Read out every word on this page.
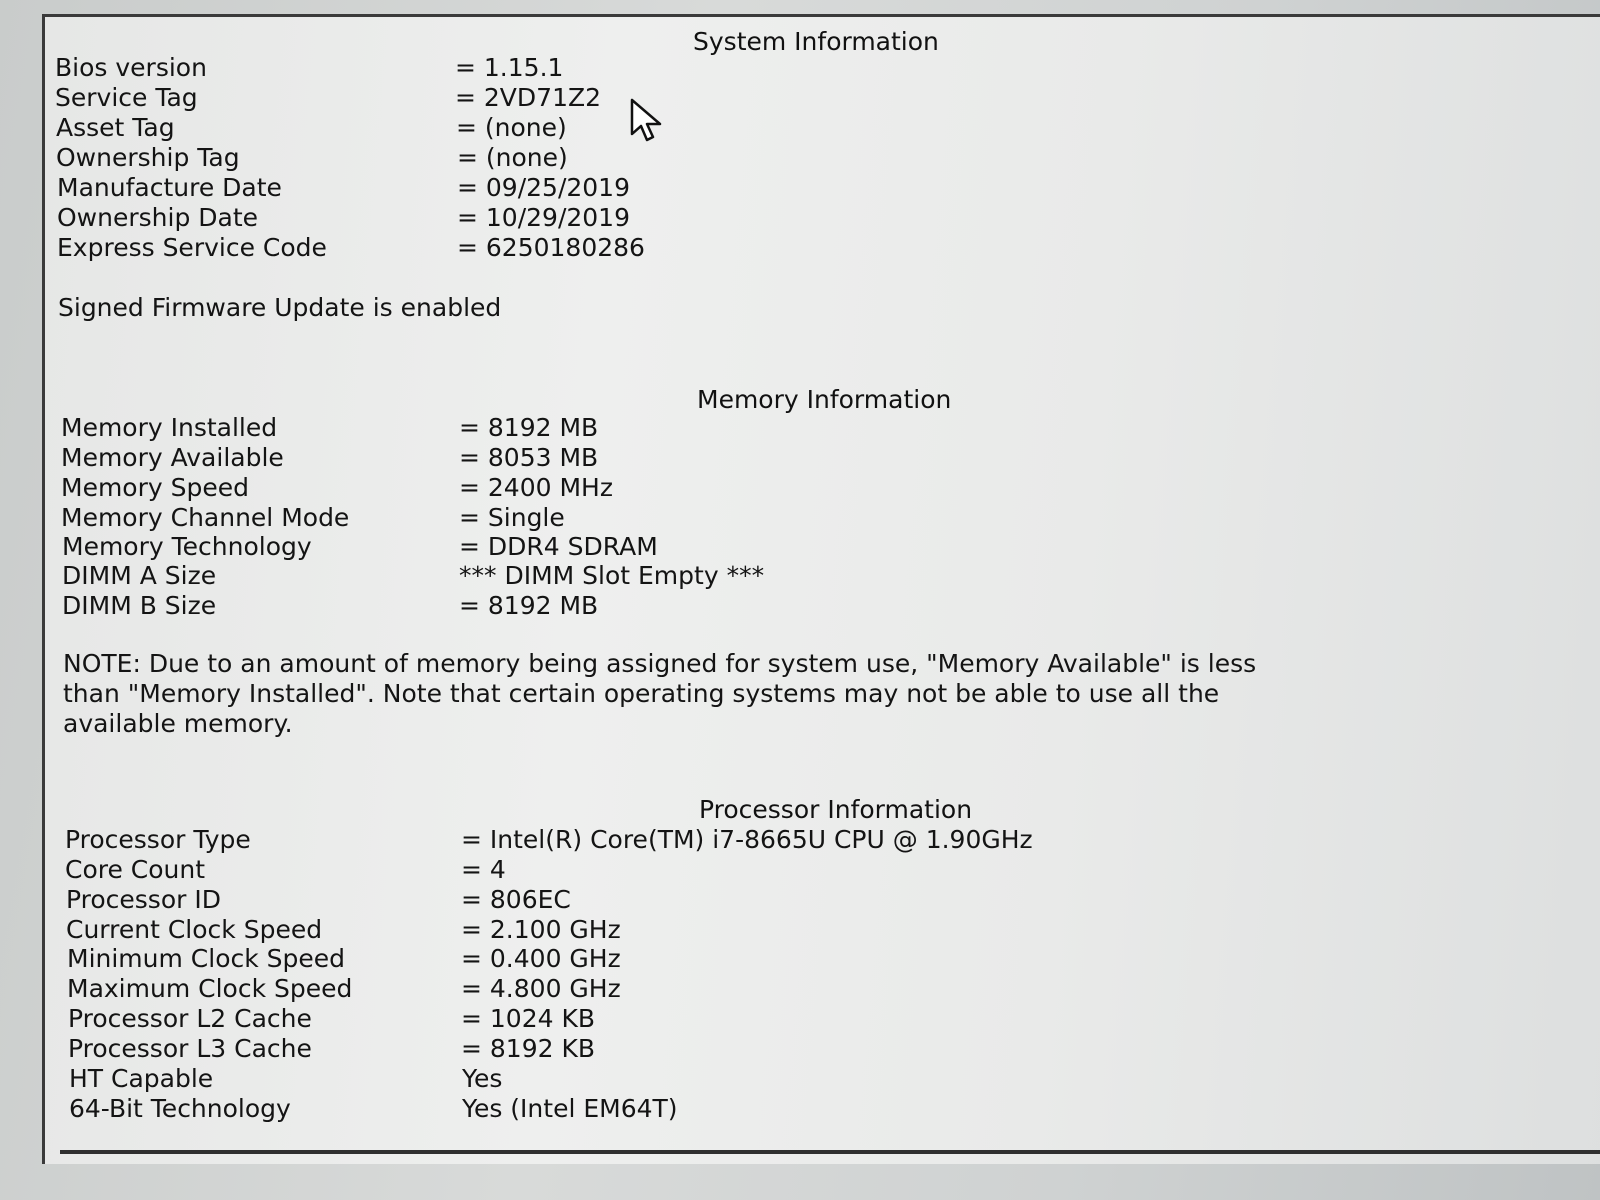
System Information
Bios version	= 1.15.1
Service Tag	= 2VD71Z2
Asset Tag	= (none)
Ownership Tag	= (none)
Manufacture Date	= 09/25/2019
Ownership Date	= 10/29/2019
Express Service Code	= 6250180286
Signed Firmware Update is enabled
Memory Information
Memory Installed	= 8192 MB
Memory Available	= 8053 MB
Memory Speed	= 2400 MHz
Memory Channel Mode	= Single
Memory Technology	= DDR4 SDRAM
DIMM A Size	*** DIMM Slot Empty ***
DIMM B Size	= 8192 MB
NOTE: Due to an amount of memory being assigned for system use, "Memory Available" is less
than "Memory Installed". Note that certain operating systems may not be able to use all the
available memory.
Processor Information
Processor Type	= Intel(R) Core(TM) i7-8665U CPU @ 1.90GHz
Core Count	= 4
Processor ID	= 806EC
Current Clock Speed	= 2.100 GHz
Minimum Clock Speed	= 0.400 GHz
Maximum Clock Speed	= 4.800 GHz
Processor L2 Cache	= 1024 KB
Processor L3 Cache	= 8192 KB
HT Capable	Yes
64-Bit Technology	Yes (Intel EM64T)
